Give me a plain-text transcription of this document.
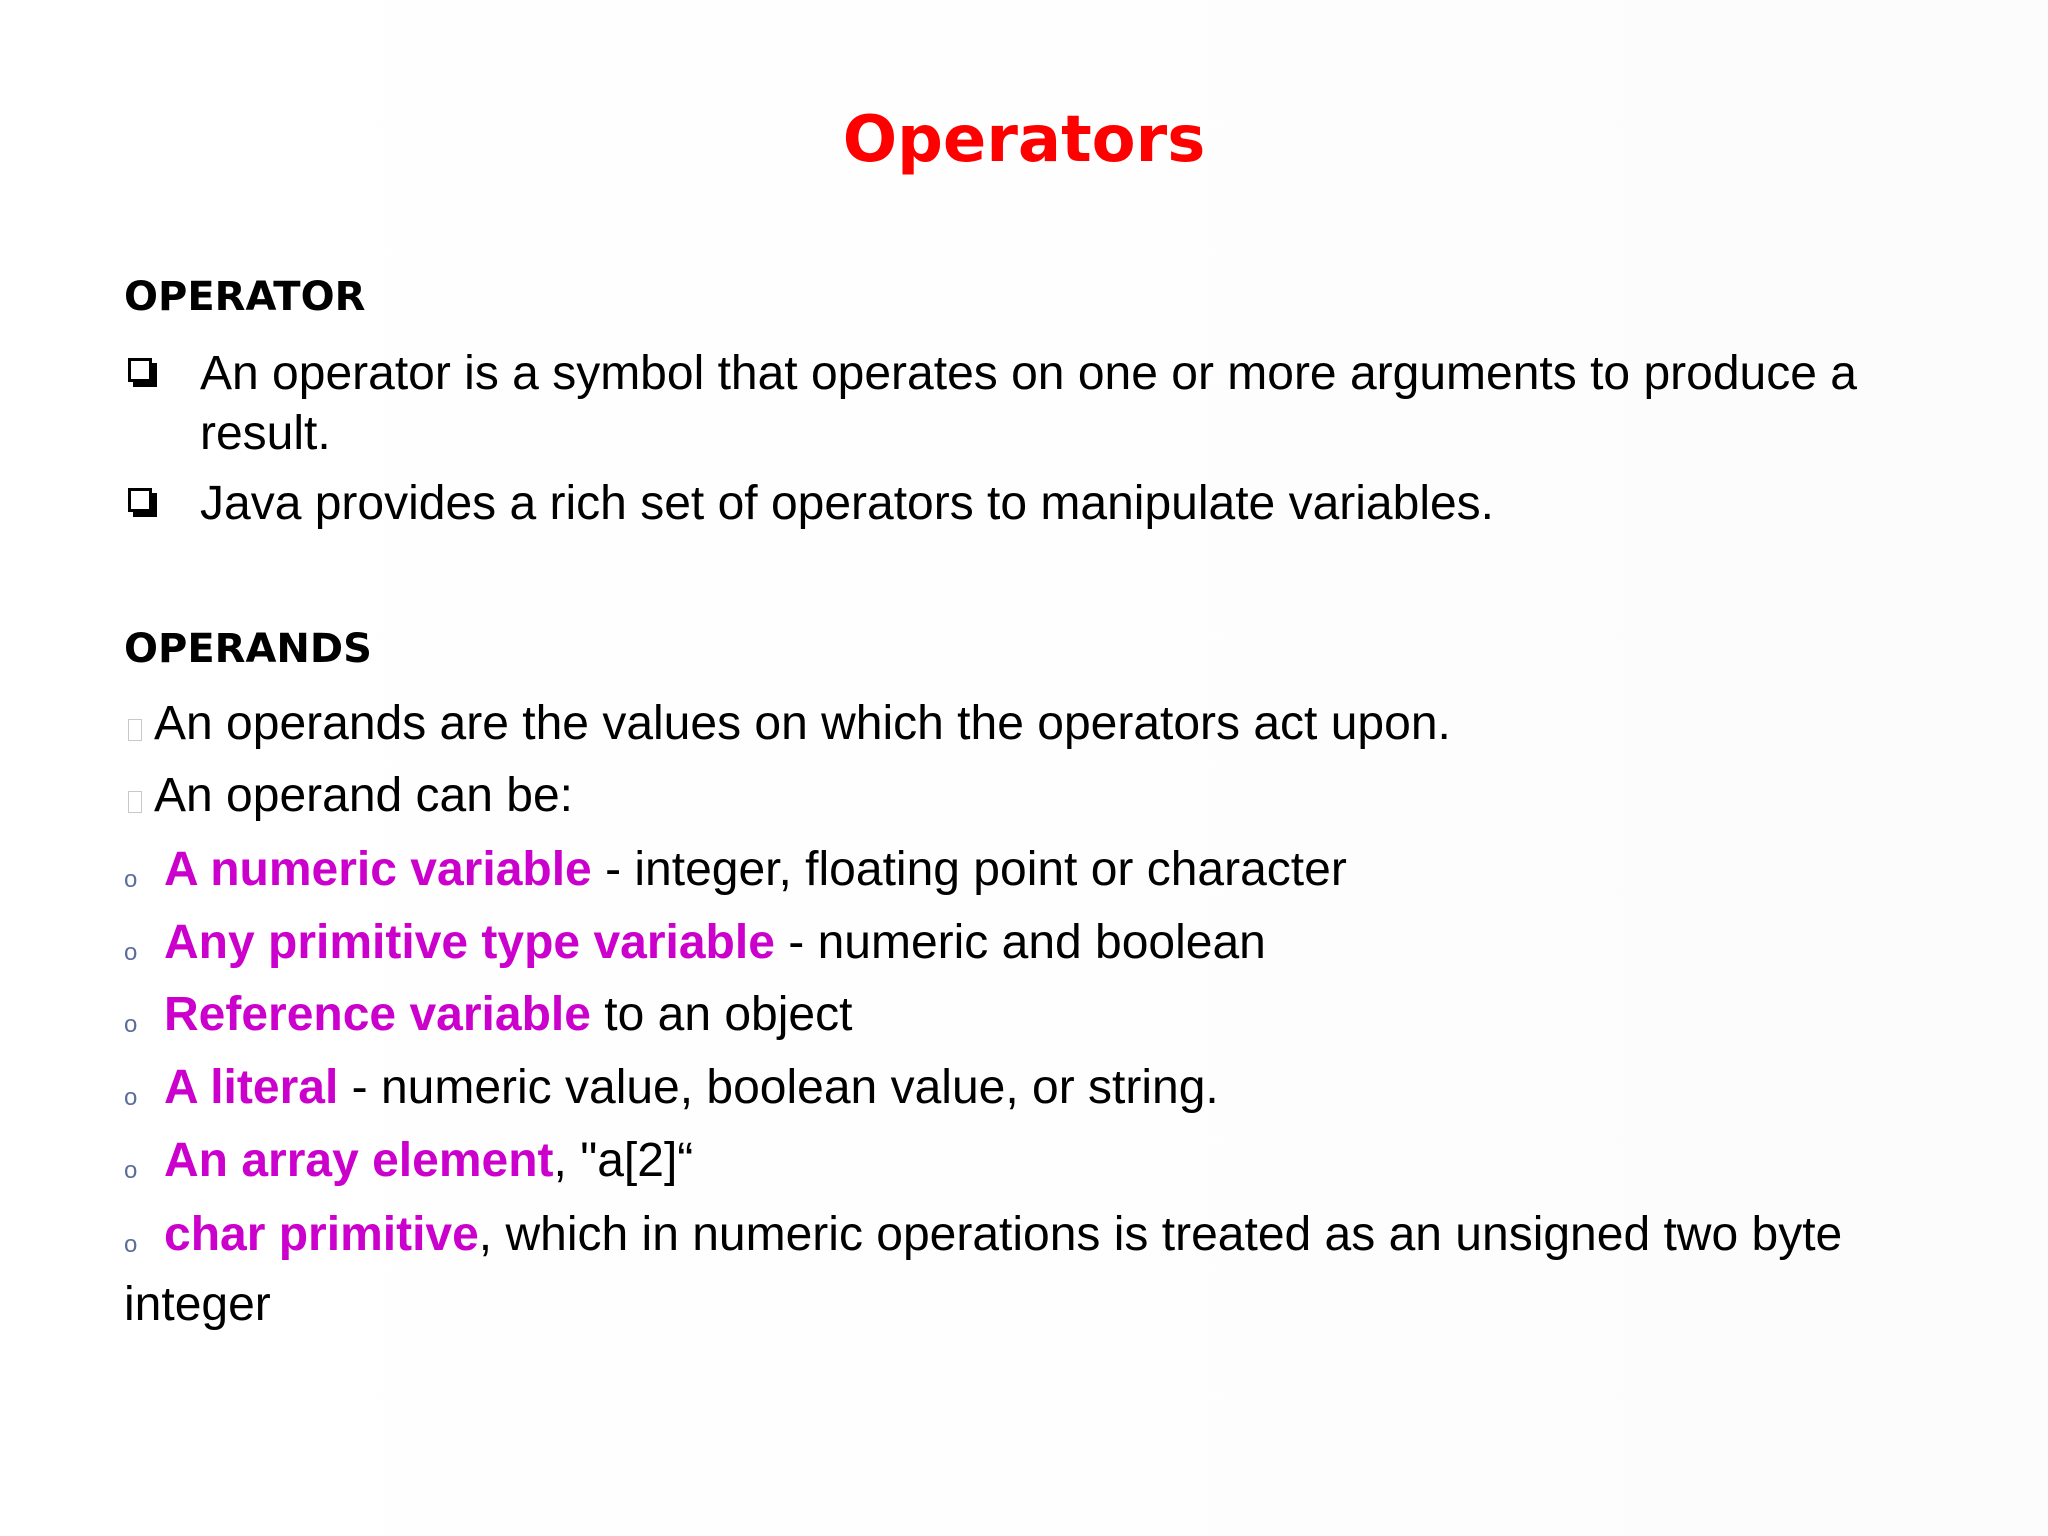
Operators
OPERATOR
An operator is a symbol that operates on one or more arguments to produce a result.
Java provides a rich set of operators to manipulate variables.
OPERANDS
An operands are the values on which the operators act upon.
An operand can be:
o A numeric variable - integer, floating point or character
o Any primitive type variable - numeric and boolean
o Reference variable to an object
o A literal - numeric value, boolean value, or string.
o An array element, "a[2]“
o char primitive, which in numeric operations is treated as an unsigned two byte integer
